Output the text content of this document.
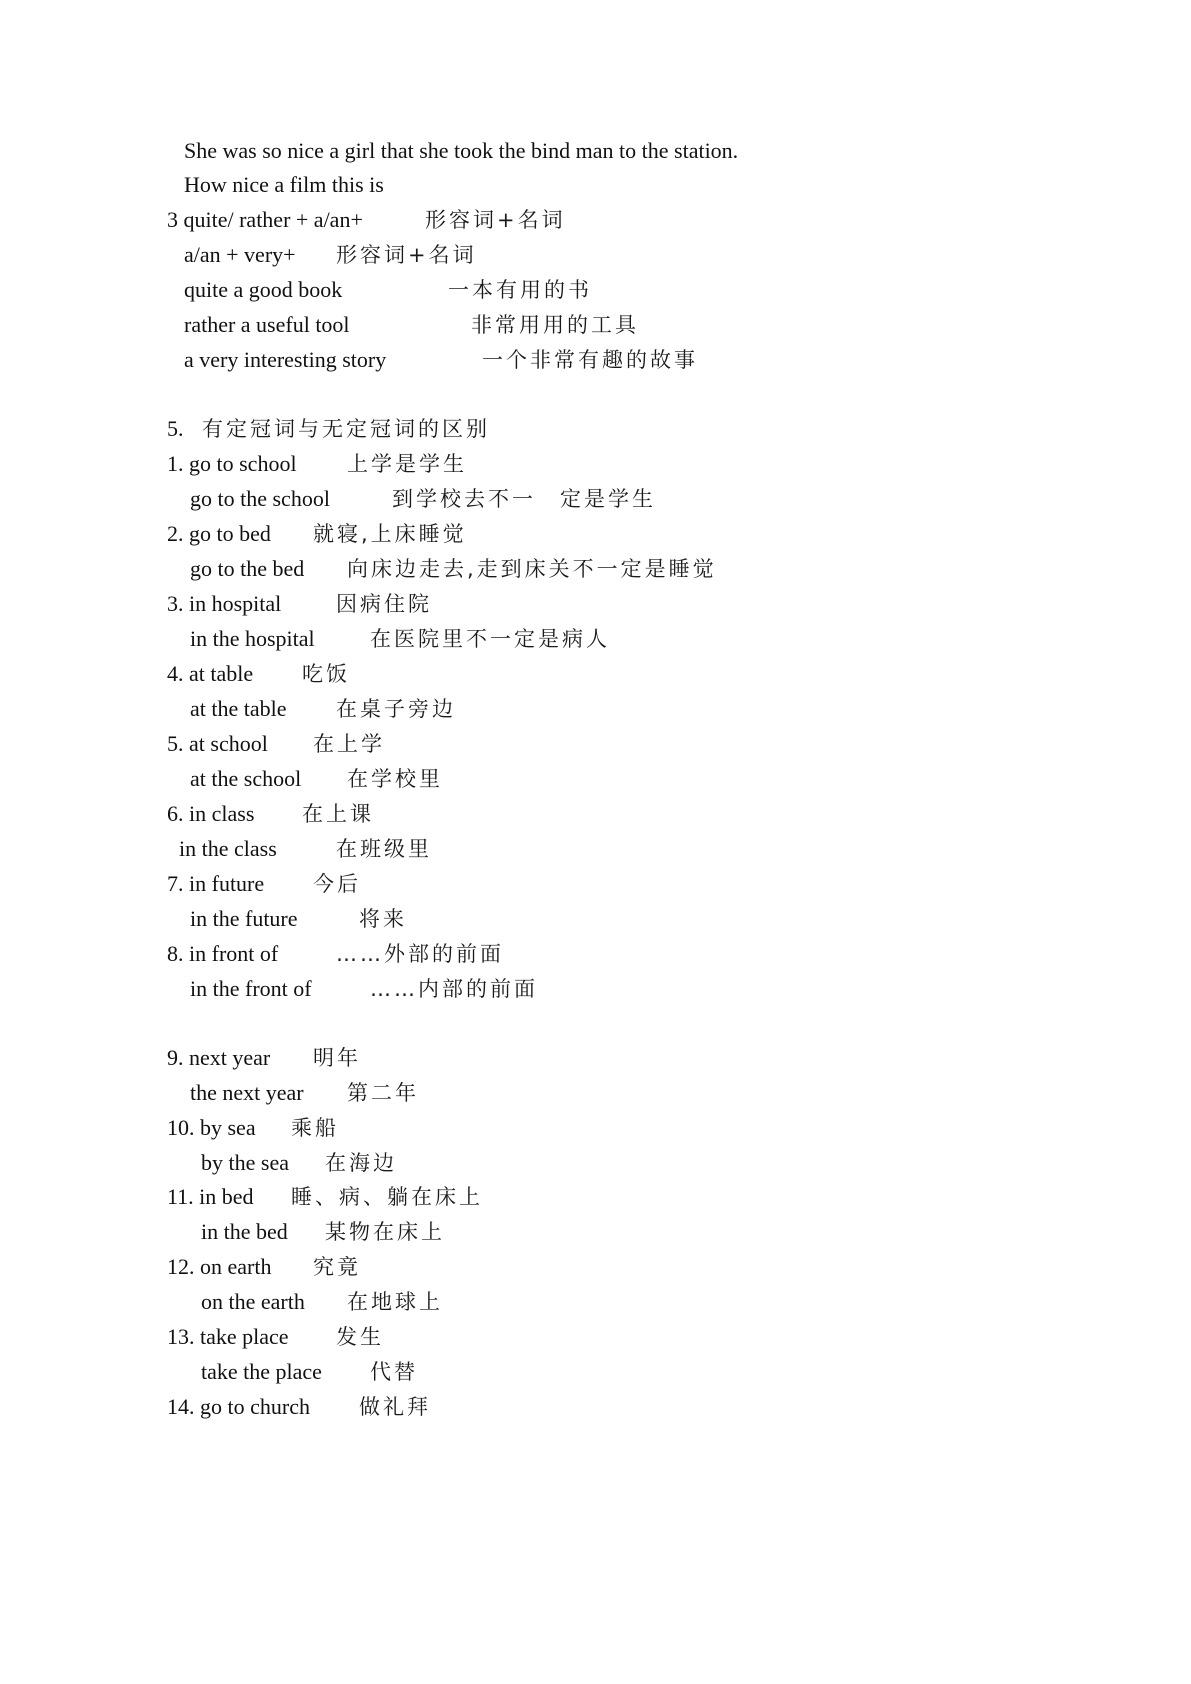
She was so nice a girl that she took the bind man to the station.
How nice a film this is
3 quite/ rather + a/an+	形容词+名词
a/an + very+ 形容词+名词
quite a good book	一本有用的书
rather a useful tool	非常用用的工具
a very interesting story	一个非常有趣的故事
5. 有定冠词与无定冠词的区别
1. go to school 上学是学生
go to the school	到学校去不一　定是学生
2. go to bed 就寝,上床睡觉
go to the bed 向床边走去,走到床关不一定是睡觉
3. in hospital	因病住院
in the hospital	在医院里不一定是病人
4. at table 吃饭
at the table 在桌子旁边
5. at school 在上学
at the school 在学校里
6. in class 在上课
in the class	在班级里
7. in future 今后
in the future	将来
8. in front of	……外部的前面
in the front of	……内部的前面
9. next year 明年
the next year 第二年
10. by sea 乘船
by the sea 在海边
11. in bed 睡、病、躺在床上
in the bed 某物在床上
12. on earth 究竟
on the earth 在地球上
13. take place 发生
take the place 代替
14. go to church 做礼拜
